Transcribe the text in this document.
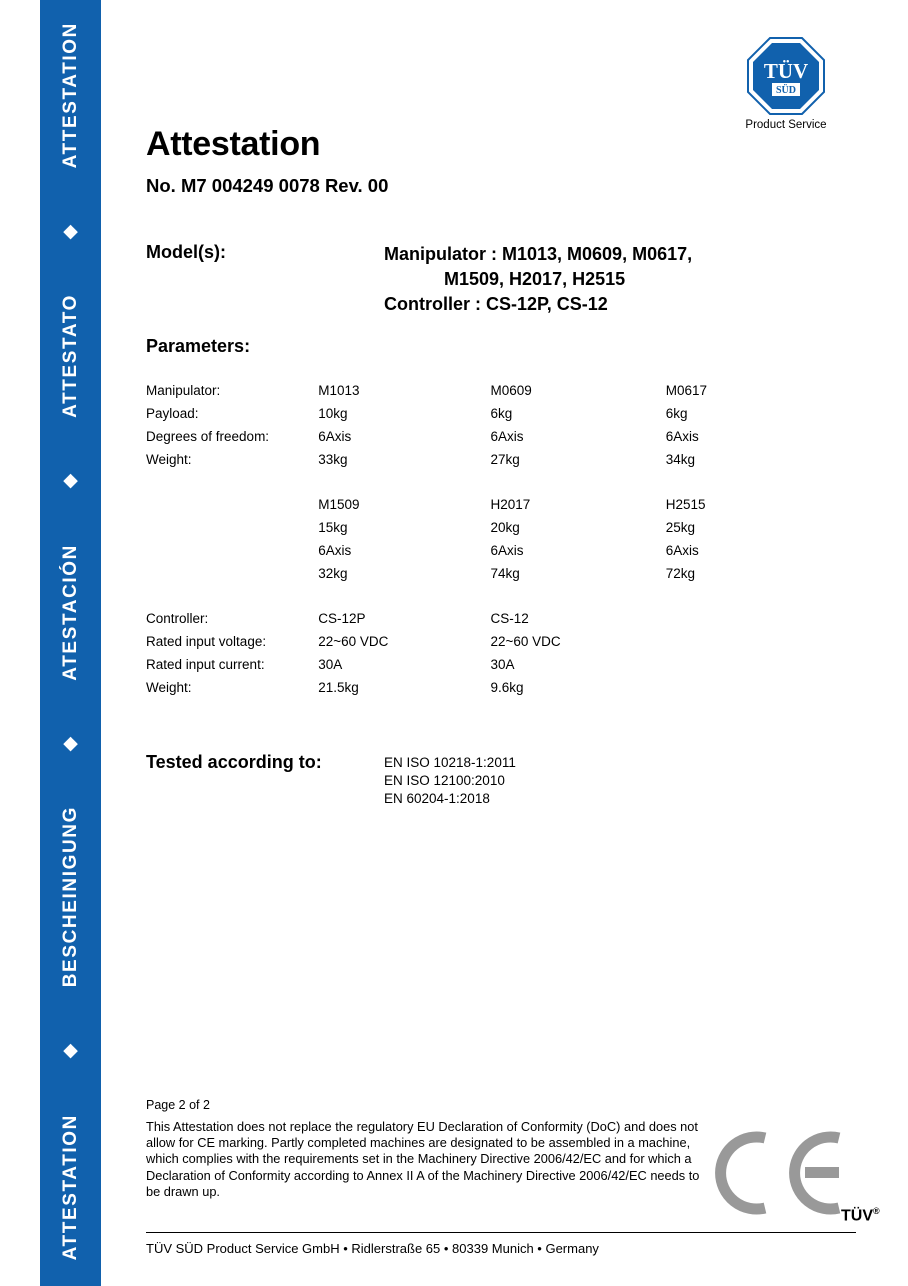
ATTESTATION
◆
ATTESTATO
◆
ATESTACIÓN
◆
BESCHEINIGUNG
◆
ATTESTATION
TÜV
SÜD
Product Service
Attestation
No. M7 004249 0078 Rev. 00
Model(s):	Manipulator : M1013, M0609, M0617,
M1509, H2017, H2515
Controller : CS-12P, CS-12
Parameters:
Manipulator:	M1013	M0609	M0617
Payload:	10kg	6kg	6kg
Degrees of freedom:	6Axis	6Axis	6Axis
Weight:	33kg	27kg	34kg

	M1509	H2017	H2515
	15kg	20kg	25kg
	6Axis	6Axis	6Axis
	32kg	74kg	72kg

Controller:	CS-12P	CS-12	
Rated input voltage:	22~60 VDC	22~60 VDC	
Rated input current:	30A	30A	
Weight:	21.5kg	9.6kg	
Tested according to:	EN ISO 10218-1:2011
EN ISO 12100:2010
EN 60204-1:2018
Page 2 of 2
This Attestation does not replace the regulatory EU Declaration of Conformity (DoC) and does not allow for CE marking. Partly completed machines are designated to be assembled in a machine, which complies with the requirements set in the Machinery Directive 2006/42/EC and for which a Declaration of Conformity according to Annex II A of the Machinery Directive 2006/42/EC needs to be drawn up.
TÜV®
TÜV SÜD Product Service GmbH • Ridlerstraße 65 • 80339 Munich • Germany
